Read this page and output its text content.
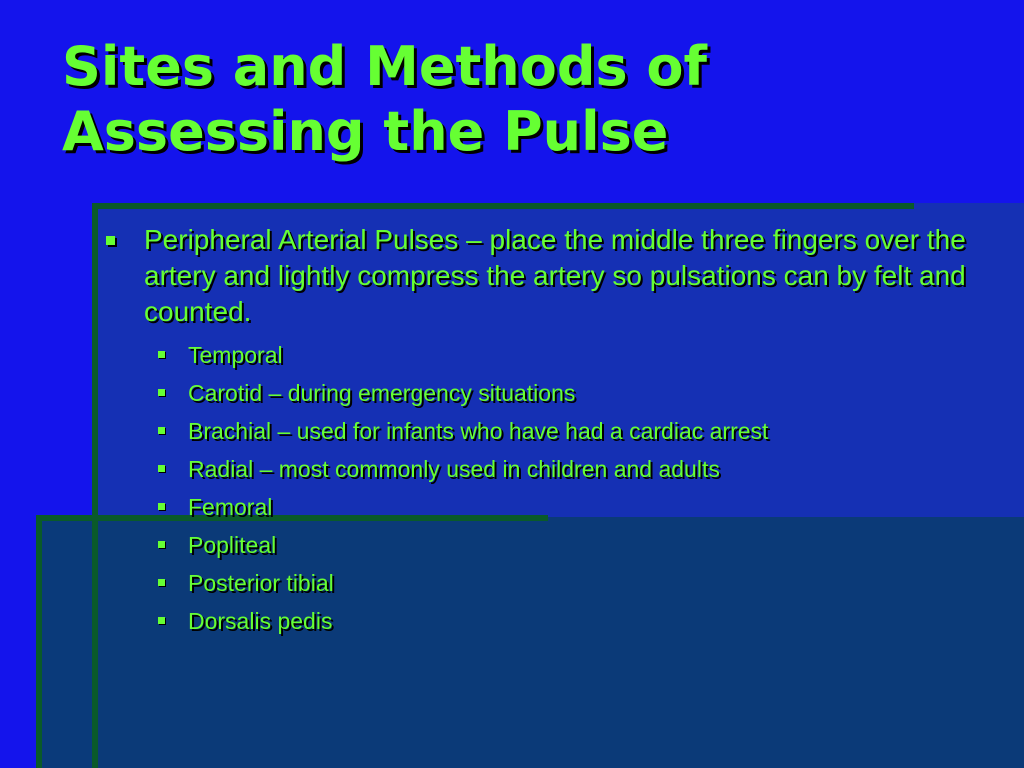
Sites and Methods of
Assessing the Pulse
Peripheral Arterial Pulses – place the middle three fingers over the artery and lightly compress the artery so pulsations can by felt and counted.
Temporal
Carotid – during emergency situations
Brachial – used for infants who have had a cardiac arrest
Radial – most commonly used in children and adults
Femoral
Popliteal
Posterior tibial
Dorsalis pedis
